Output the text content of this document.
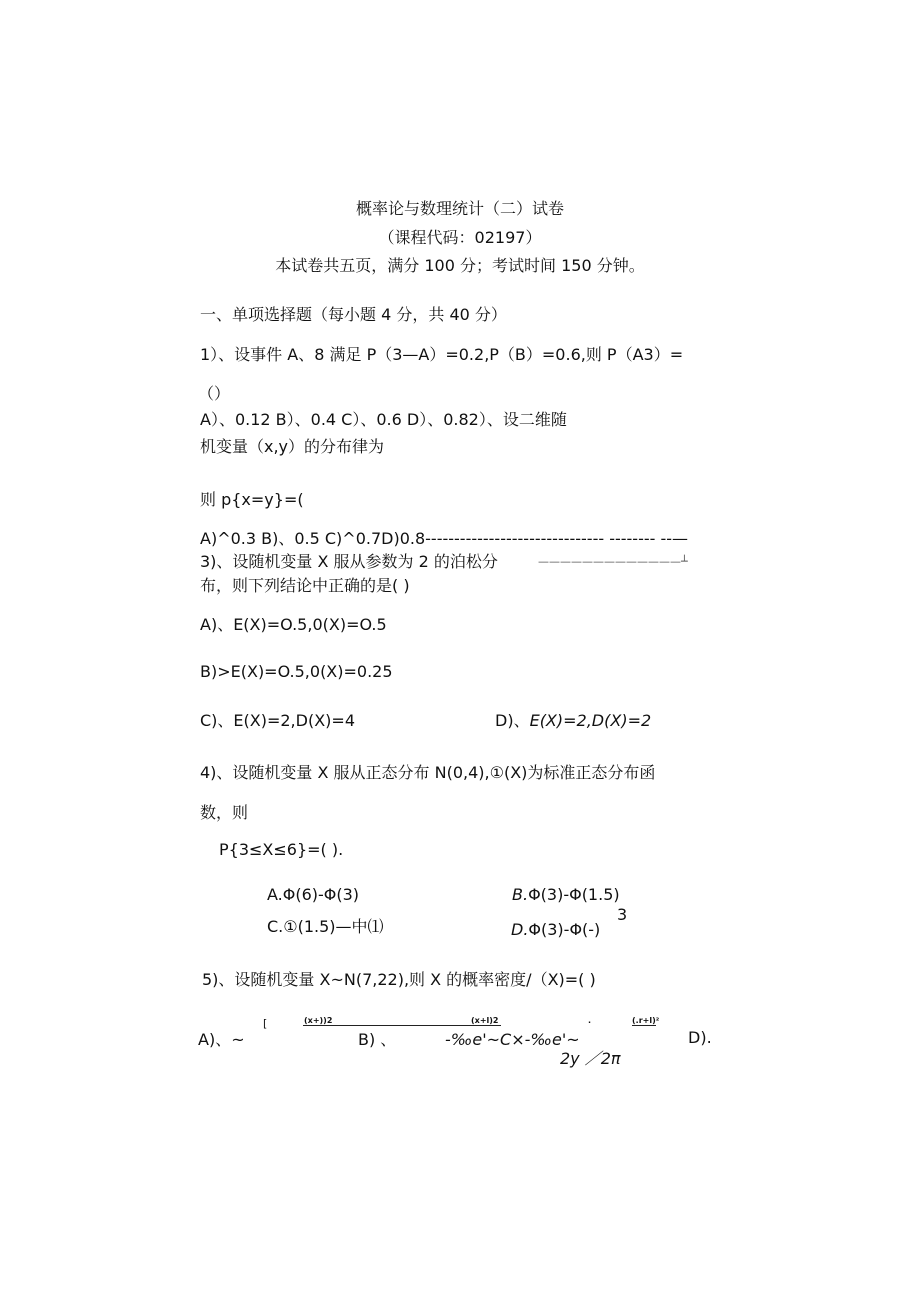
概率论与数理统计（二）试卷
（课程代码：02197）
本试卷共五页，满分 100 分；考试时间 150 分钟。
一、单项选择题（每小题 4 分，共 40 分）
1）、设事件 A、8 满足 P（3—A）=0.2,P（B）=0.6,则 P（A3）=
（）
A）、0.12 B）、0.4 C）、0.6 D）、0.82）、设二维随
机变量（x,y）的分布律为
则 p{x=y}=(
A)^0.3 B)、0.5 C)^0.7D)0.8------------------------------- -------- --—
3)、设随机变量 X 服从参数为 2 的泊松分	—————————————┴
布，则下列结论中正确的是( )
A)、E(X)=O.5,0(X)=O.5
B)>E(X)=O.5,0(X)=0.25
C)、E(X)=2,D(X)=4	D)、E(X)=2,D(X)=2
4)、设随机变量 X 服从正态分布 N(0,4),①(X)为标准正态分布函
数，则
P{3≤X≤6}=( ).
A.Φ(6)-Φ(3)	B.Φ(3)-Φ(1.5)
3
C.①(1.5)—中⑴	D.Φ(3)-Φ(-)
5)、设随机变量 X~N(7,22),则 X 的概率密度/（X)=( )
[	(x+))2	(x+l)2	.	(.r+l)²
A)、~	B) 、	-‰e'~C×-‰e'~	D).
2y ／2π
